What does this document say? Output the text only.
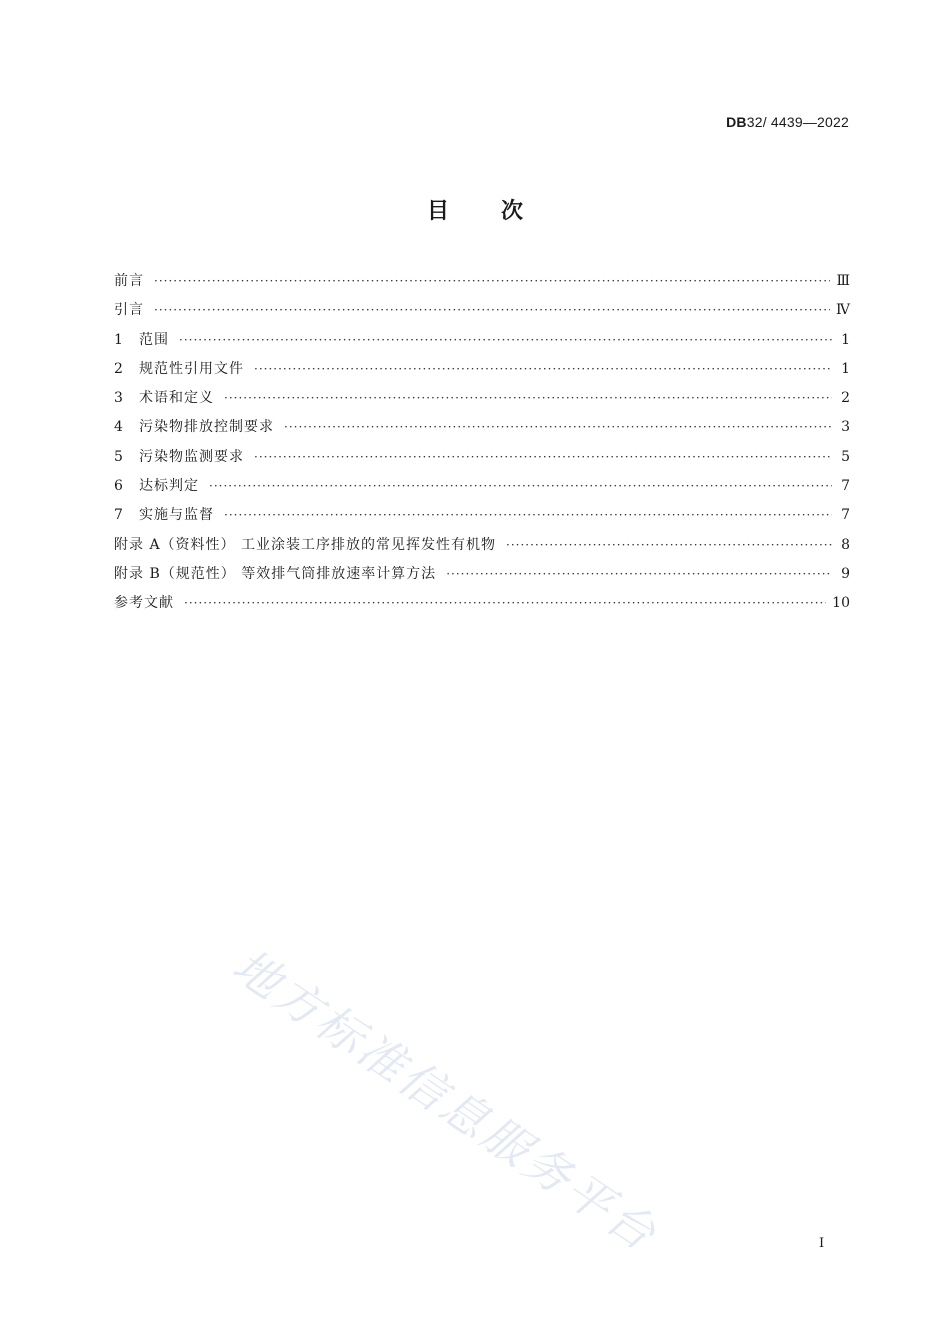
DB32/ 4439—2022
目次
前言 ·····	Ⅲ
引言 ·····	Ⅳ
1 范围 ·····	1
2 规范性引用文件 ·····	1
3 术语和定义 ·····	2
4 污染物排放控制要求 ·····	3
5 污染物监测要求 ·····	5
6 达标判定 ·····	7
7 实施与监督 ·····	7
附录 A（资料性） 工业涂装工序排放的常见挥发性有机物 ·····	8
附录 B（规范性） 等效排气筒排放速率计算方法 ·····	9
参考文献 ·····	10
地方标准信息服务平台	I
